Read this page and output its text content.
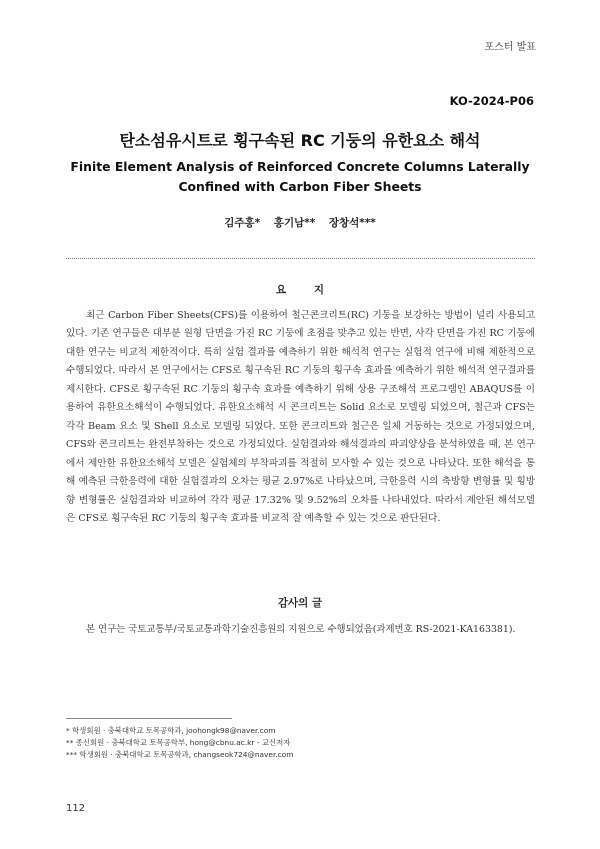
포스터 발표
KO-2024-P06
탄소섬유시트로 횡구속된 RC 기둥의 유한요소 해석
Finite Element Analysis of Reinforced Concrete Columns Laterally Confined with Carbon Fiber Sheets
김주홍* 홍기남** 장창석***
요 지

최근 Carbon Fiber Sheets(CFS)를 이용하여 철근콘크리트(RC) 기둥을 보강하는 방법이 널리 사용되고 있다. 기존 연구들은 대부분 원형 단면을 가진 RC 기둥에 초점을 맞추고 있는 반면, 사각 단면을 가진 RC 기둥에 대한 연구는 비교적 제한적이다. 특히 실험 결과를 예측하기 위한 해석적 연구는 실험적 연구에 비해 제한적으로 수행되었다. 따라서 본 연구에서는 CFS로 횡구속된 RC 기둥의 횡구속 효과를 예측하기 위한 해석적 연구결과를 제시한다. CFS로 횡구속된 RC 기둥의 횡구속 효과를 예측하기 위해 상용 구조해석 프로그램인 ABAQUS를 이용하여 유한요소해석이 수행되었다. 유한요소해석 시 콘크리트는 Solid 요소로 모델링 되었으며, 철근과 CFS는 각각 Beam 요소 및 Shell 요소로 모델링 되었다. 또한 콘크리트와 철근은 일체 거동하는 것으로 가정되었으며, CFS와 콘크리트는 완전부착하는 것으로 가정되었다. 실험결과와 해석결과의 파괴양상을 분석하였을 때, 본 연구에서 제안한 유한요소해석 모델은 실험체의 부착파괴를 적절히 모사할 수 있는 것으로 나타났다. 또한 해석을 통해 예측된 극한응력에 대한 실험결과의 오차는 평균 2.97%로 나타났으며, 극한응력 시의 축방향 변형률 및 횡방향 변형률은 실험결과와 비교하여 각각 평균 17.32% 및 9.52%의 오차를 나타내었다. 따라서 제안된 해석모델은 CFS로 횡구속된 RC 기둥의 횡구속 효과를 비교적 잘 예측할 수 있는 것으로 판단된다.

감사의 글

본 연구는 국토교통부/국토교통과학기술진흥원의 지원으로 수행되었음(과제번호 RS-2021-KA163381).

* 학생회원 · 충북대학교 토목공학과, joohongk98@naver.com
** 종신회원 · 충북대학교 토목공학부, hong@cbnu.ac.kr - 교신저자
*** 학생회원 · 충북대학교 토목공학과, changseok724@naver.com
112
